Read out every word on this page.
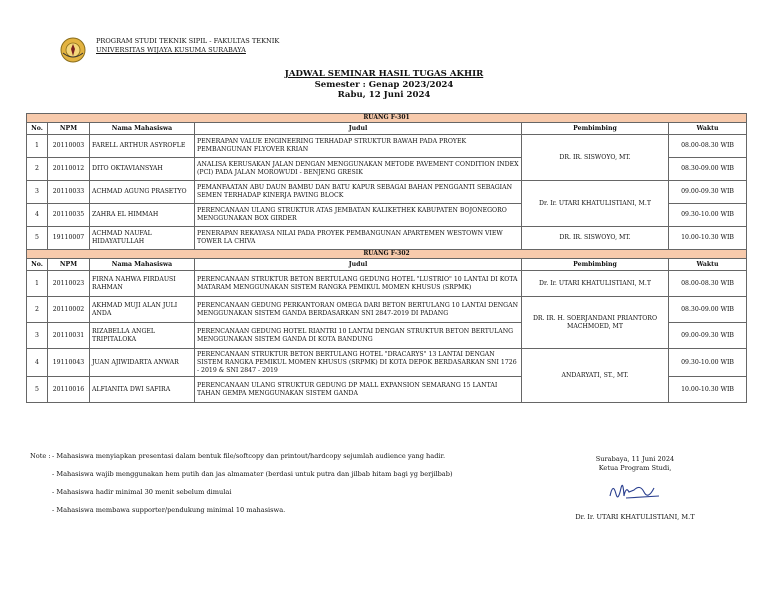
PROGRAM STUDI TEKNIK SIPIL - FAKULTAS TEKNIK
UNIVERSITAS WIJAYA KUSUMA SURABAYA
JADWAL SEMINAR HASIL TUGAS AKHIR
Semester : Genap 2023/2024
Rabu, 12 Juni 2024
RUANG F-301					
No.	NPM	Nama Mahasiswa	Judul	Pembimbing	Waktu
1	20110003	FARELL ARTHUR ASYROFLE	PENERAPAN VALUE ENGINEERING TERHADAP STRUKTUR BAWAH PADA PROYEK PEMBANGUNAN FLYOVER KRIAN	DR. IR. SISWOYO, MT.	08.00-08.30 WIB
2	20110012	DITO OKTAVIANSYAH	ANALISA KERUSAKAN JALAN DENGAN MENGGUNAKAN METODE PAVEMENT CONDITION INDEX (PCI) PADA JALAN MOROWUDI - BENJENG GRESIK		08.30-09.00 WIB
3	20110033	ACHMAD AGUNG PRASETYO	PEMANFAATAN ABU DAUN BAMBU DAN BATU KAPUR SEBAGAI BAHAN PENGGANTI SEBAGIAN SEMEN TERHADAP KINERJA PAVING BLOCK	Dr. Ir. UTARI KHATULISTIANI, M.T	09.00-09.30 WIB
4	20110035	ZAHRA EL HIMMAH	PERENCANAAN ULANG STRUKTUR ATAS JEMBATAN KALIKETHEK KABUPATEN BOJONEGORO MENGGUNAKAN BOX GIRDER		09.30-10.00 WIB
5	19110007	ACHMAD NAUFAL HIDAYATULLAH	PENERAPAN REKAYASA NILAI PADA PROYEK PEMBANGUNAN APARTEMEN WESTOWN VIEW TOWER LA CHIVA	DR. IR. SISWOYO, MT.	10.00-10.30 WIB
RUANG F-302					
No.	NPM	Nama Mahasiswa	Judul	Pembimbing	Waktu
1	20110023	FIRNA NAHWA FIRDAUSI RAHMAN	PERENCANAAN STRUKTUR BETON BERTULANG GEDUNG HOTEL "LUSTRIO" 10 LANTAI DI KOTA MATARAM MENGGUNAKAN SISTEM RANGKA PEMIKUL MOMEN KHUSUS (SRPMK)	Dr. Ir. UTARI KHATULISTIANI, M.T	08.00-08.30 WIB
2	20110002	AKHMAD MUJI ALAN JULI ANDA	PERENCANAAN GEDUNG PERKANTORAN OMEGA DARI BETON BERTULANG 10 LANTAI DENGAN MENGGUNAKAN SISTEM GANDA BERDASARKAN SNI 2847-2019 DI PADANG	DR. IR. H. SOERJANDANI PRIANTORO MACHMOED, MT	08.30-09.00 WIB
3	20110031	RIZABELLA ANGEL TRIPITALOKA	PERENCANAAN GEDUNG HOTEL RIANTRI 10 LANTAI DENGAN STRUKTUR BETON BERTULANG MENGGUNAKAN SISTEM GANDA DI KOTA BANDUNG		09.00-09.30 WIB
4	19110043	JUAN AJIWIDARTA ANWAR	PERENCANAAN STRUKTUR BETON BERTULANG HOTEL "DRACARYS" 13 LANTAI DENGAN SISTEM RANGKA PEMIKUL MOMEN KHUSUS (SRPMK) DI KOTA DEPOK BERDASARKAN SNI 1726 - 2019 & SNI 2847 - 2019	ANDARYATI, ST., MT.	09.30-10.00 WIB
5	20110016	ALFIANITA DWI SAFIRA	PERENCANAAN ULANG STRUKTUR GEDUNG DP MALL EXPANSION SEMARANG 15 LANTAI TAHAN GEMPA MENGGUNAKAN SISTEM GANDA		10.00-10.30 WIB
Note : - Mahasiswa menyiapkan presentasi dalam bentuk file/softcopy dan printout/hardcopy sejumlah audience yang hadir.
- Mahasiswa wajib menggunakan hem putih dan jas almamater (berdasi untuk putra dan jilbab hitam bagi yg berjilbab)
- Mahasiswa hadir minimal 30 menit sebelum dimulai
- Mahasiswa membawa supporter/pendukung minimal 10 mahasiswa.
Surabaya, 11 Juni 2024
Ketua Program Studi,
Dr. Ir. UTARI KHATULISTIANI, M.T
